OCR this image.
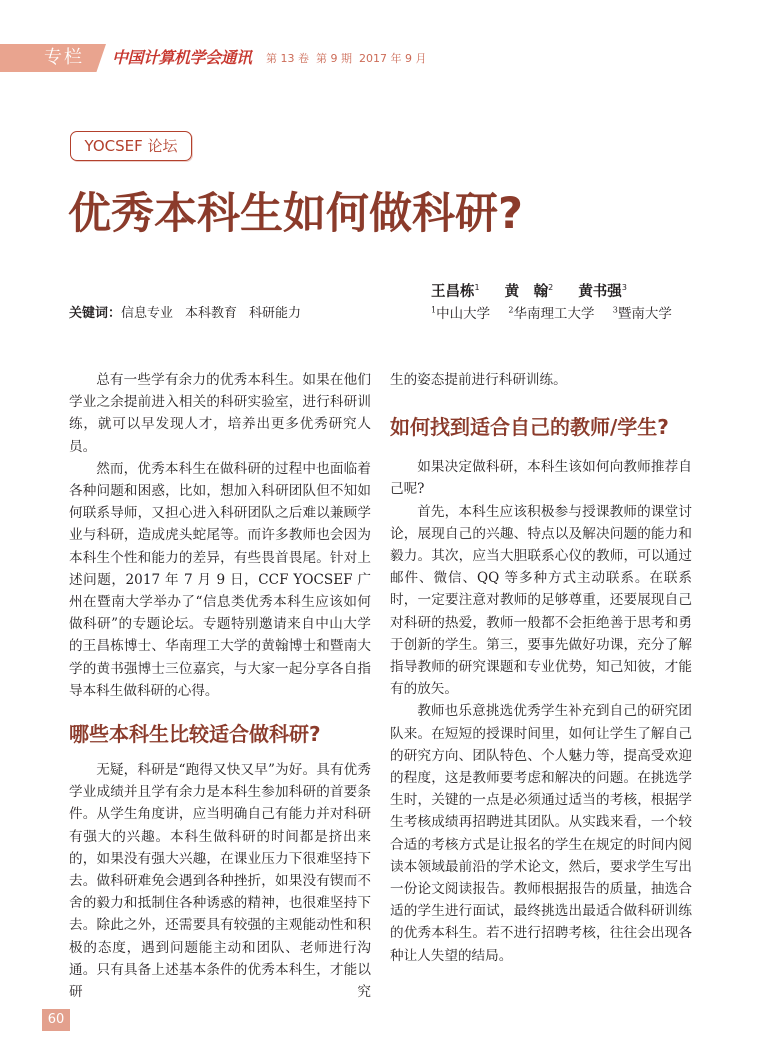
专栏 中国计算机学会通讯 第 13 卷  第 9 期  2017 年 9 月
YOCSEF 论坛
优秀本科生如何做科研?
王昌栋$^1$ 黄　翰$^2$ 黄书强$^3$
$^1$中山大学 $^2$华南理工大学 $^3$暨南大学
关键词：信息专业 本科教育 科研能力

总有一些学有余力的优秀本科生。如果在他们学业之余提前进入相关的科研实验室，进行科研训练，就可以早发现人才，培养出更多优秀研究人员。

然而，优秀本科生在做科研的过程中也面临着各种问题和困惑，比如，想加入科研团队但不知如何联系导师，又担心进入科研团队之后难以兼顾学业与科研，造成虎头蛇尾等。而许多教师也会因为本科生个性和能力的差异，有些畏首畏尾。针对上述问题，2017 年 7 月 9 日，CCF YOCSEF 广州在暨南大学举办了“信息类优秀本科生应该如何做科研”的专题论坛。专题特别邀请来自中山大学的王昌栋博士、华南理工大学的黄翰博士和暨南大学的黄书强博士三位嘉宾，与大家一起分享各自指导本科生做科研的心得。

哪些本科生比较适合做科研?

无疑，科研是“跑得又快又早”为好。具有优秀学业成绩并且学有余力是本科生参加科研的首要条件。从学生角度讲，应当明确自己有能力并对科研有强大的兴趣。本科生做科研的时间都是挤出来的，如果没有强大兴趣，在课业压力下很难坚持下去。做科研难免会遇到各种挫折，如果没有锲而不舍的毅力和抵制住各种诱惑的精神，也很难坚持下去。除此之外，还需要具有较强的主观能动性和积极的态度，遇到问题能主动和团队、老师进行沟通。只有具备上述基本条件的优秀本科生，才能以研究

生的姿态提前进行科研训练。

如何找到适合自己的教师/学生?

如果决定做科研，本科生该如何向教师推荐自己呢?

首先，本科生应该积极参与授课教师的课堂讨论，展现自己的兴趣、特点以及解决问题的能力和毅力。其次，应当大胆联系心仪的教师，可以通过邮件、微信、QQ 等多种方式主动联系。在联系时，一定要注意对教师的足够尊重，还要展现自己对科研的热爱，教师一般都不会拒绝善于思考和勇于创新的学生。第三，要事先做好功课，充分了解指导教师的研究课题和专业优势，知己知彼，才能有的放矢。

教师也乐意挑选优秀学生补充到自己的研究团队来。在短短的授课时间里，如何让学生了解自己的研究方向、团队特色、个人魅力等，提高受欢迎的程度，这是教师要考虑和解决的问题。在挑选学生时，关键的一点是必须通过适当的考核，根据学生考核成绩再招聘进其团队。从实践来看，一个较合适的考核方式是让报名的学生在规定的时间内阅读本领域最前沿的学术论文，然后，要求学生写出一份论文阅读报告。教师根据报告的质量，抽选合适的学生进行面试，最终挑选出最适合做科研训练的优秀本科生。若不进行招聘考核，往往会出现各种让人失望的结局。

60
